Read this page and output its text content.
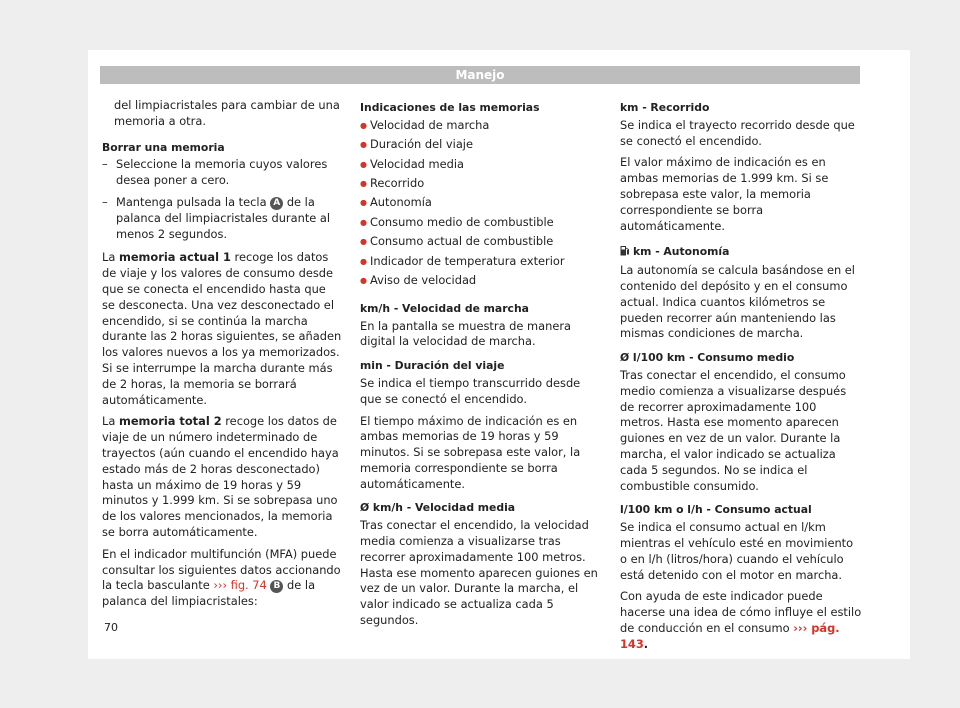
Manejo

del limpiacristales para cambiar de una memoria a otra.

Borrar una memoria

– Seleccione la memoria cuyos valores desea poner a cero.

– Mantenga pulsada la tecla A de la palanca del limpiacristales durante al menos 2 segundos.

La memoria actual 1 recoge los datos de viaje y los valores de consumo desde que se conecta el encendido hasta que se desconecta. Una vez desconectado el encendido, si se continúa la marcha durante las 2 horas siguientes, se añaden los valores nuevos a los ya memorizados. Si se interrumpe la marcha durante más de 2 horas, la memoria se borrará automáticamente.

La memoria total 2 recoge los datos de viaje de un número indeterminado de trayectos (aún cuando el encendido haya estado más de 2 horas desconectado) hasta un máximo de 19 horas y 59 minutos y 1.999 km. Si se sobrepasa uno de los valores mencionados, la memoria se borra automáticamente.

En el indicador multifunción (MFA) puede consultar los siguientes datos accionando la tecla basculante ››› fig. 74 B de la palanca del limpiacristales:

Indicaciones de las memorias
● Velocidad de marcha
● Duración del viaje
● Velocidad media
● Recorrido
● Autonomía
● Consumo medio de combustible
● Consumo actual de combustible
● Indicador de temperatura exterior
● Aviso de velocidad
km/h - Velocidad de marcha

En la pantalla se muestra de manera digital la velocidad de marcha.

min - Duración del viaje

Se indica el tiempo transcurrido desde que se conectó el encendido.

El tiempo máximo de indicación es en ambas memorias de 19 horas y 59 minutos. Si se sobrepasa este valor, la memoria correspondiente se borra automáticamente.

Ø km/h - Velocidad media

Tras conectar el encendido, la velocidad media comienza a visualizarse tras recorrer aproximadamente 100 metros. Hasta ese momento aparecen guiones en vez de un valor. Durante la marcha, el valor indicado se actualiza cada 5 segundos.

km - Recorrido

Se indica el trayecto recorrido desde que se conectó el encendido.

El valor máximo de indicación es en ambas memorias de 1.999 km. Si se sobrepasa este valor, la memoria correspondiente se borra automáticamente.

km - Autonomía

La autonomía se calcula basándose en el contenido del depósito y en el consumo actual. Indica cuantos kilómetros se pueden recorrer aún manteniendo las mismas condiciones de marcha.

Ø l/100 km - Consumo medio

Tras conectar el encendido, el consumo medio comienza a visualizarse después de recorrer aproximadamente 100 metros. Hasta ese momento aparecen guiones en vez de un valor. Durante la marcha, el valor indicado se actualiza cada 5 segundos. No se indica el combustible consumido.

l/100 km o l/h - Consumo actual

Se indica el consumo actual en l/km mientras el vehículo esté en movimiento o en l/h (litros/hora) cuando el vehículo está detenido con el motor en marcha.

Con ayuda de este indicador puede hacerse una idea de cómo influye el estilo de conducción en el consumo ››› pág. 143.

70
